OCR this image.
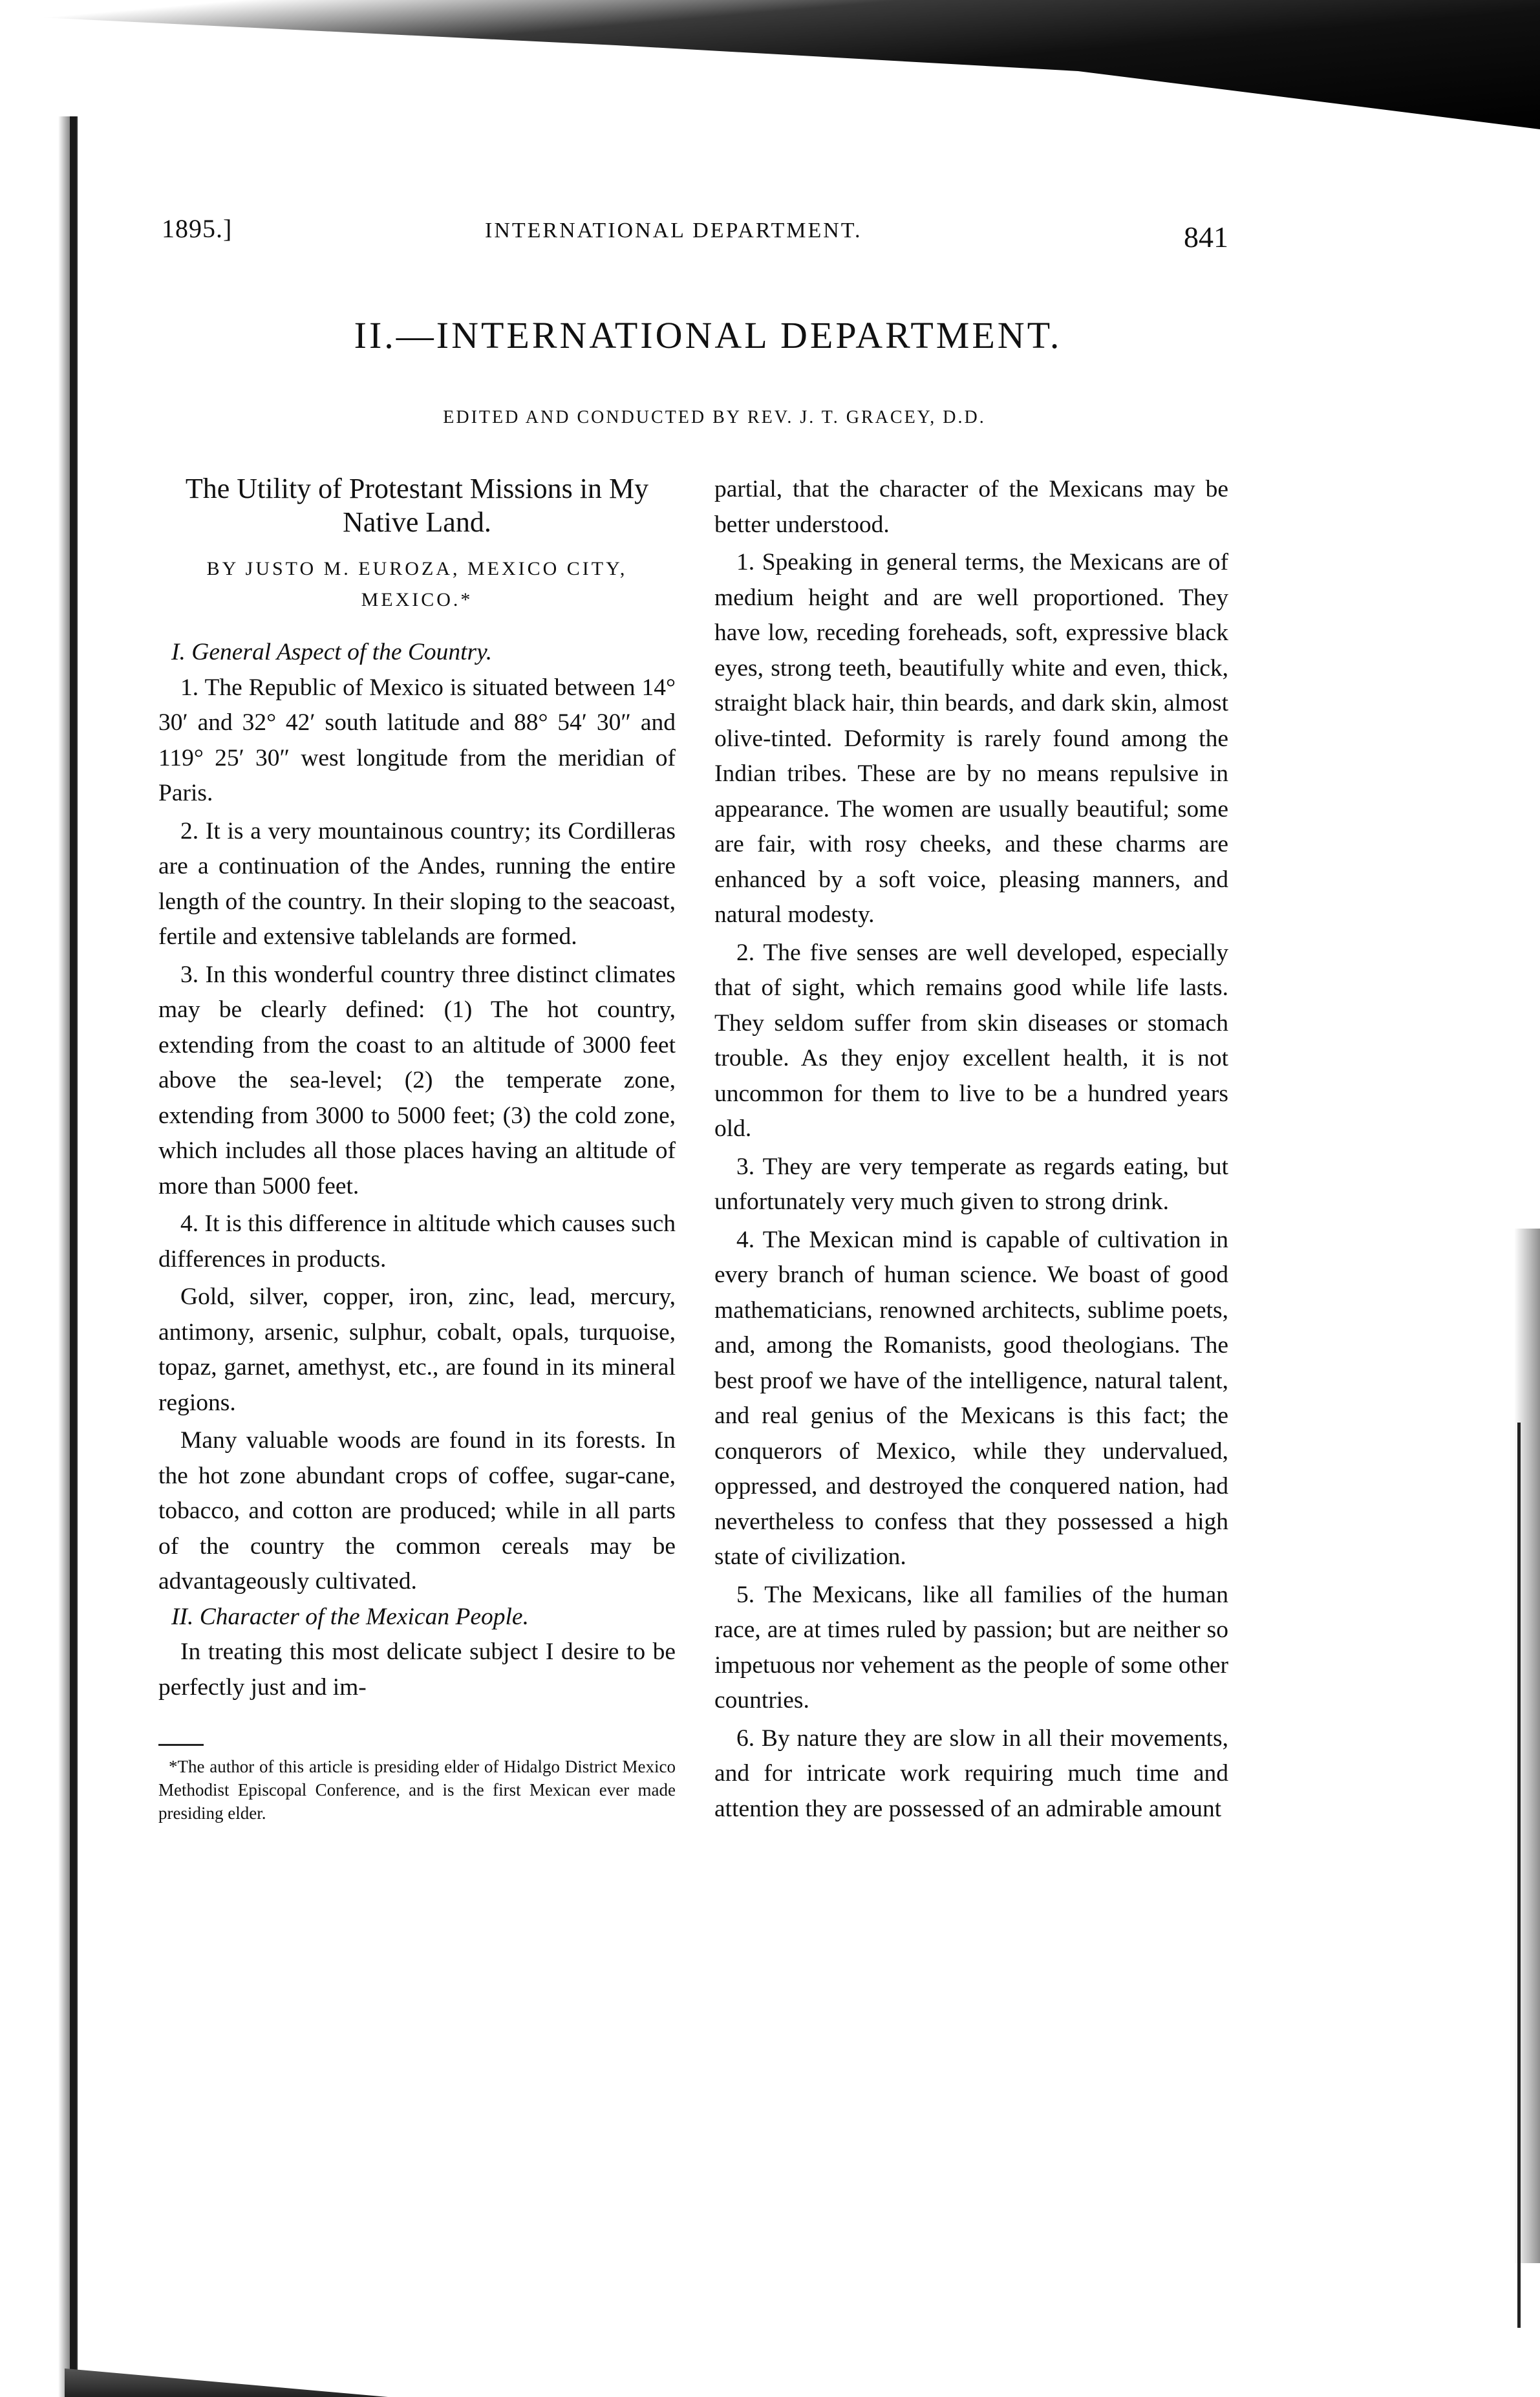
1895.]	INTERNATIONAL DEPARTMENT.	841
II.—INTERNATIONAL DEPARTMENT.
EDITED AND CONDUCTED BY REV. J. T. GRACEY, D.D.
The Utility of Protestant Missions in My Native Land.
BY JUSTO M. EUROZA, MEXICO CITY, MEXICO.*

I. General Aspect of the Country.

1. The Republic of Mexico is situated between 14° 30′ and 32° 42′ south latitude and 88° 54′ 30″ and 119° 25′ 30″ west longitude from the meridian of Paris.

2. It is a very mountainous country; its Cordilleras are a continuation of the Andes, running the entire length of the country. In their sloping to the seacoast, fertile and extensive tablelands are formed.

3. In this wonderful country three distinct climates may be clearly defined: (1) The hot country, extending from the coast to an altitude of 3000 feet above the sea-level; (2) the temperate zone, extending from 3000 to 5000 feet; (3) the cold zone, which includes all those places having an altitude of more than 5000 feet.

4. It is this difference in altitude which causes such differences in products.

Gold, silver, copper, iron, zinc, lead, mercury, antimony, arsenic, sulphur, cobalt, opals, turquoise, topaz, garnet, amethyst, etc., are found in its mineral regions.

Many valuable woods are found in its forests. In the hot zone abundant crops of coffee, sugar-cane, tobacco, and cotton are produced; while in all parts of the country the common cereals may be advantageously cultivated.

II. Character of the Mexican People.

In treating this most delicate subject I desire to be perfectly just and im-

*The author of this article is presiding elder of Hidalgo District Mexico Methodist Episcopal Conference, and is the first Mexican ever made presiding elder.

partial, that the character of the Mexicans may be better understood.

1. Speaking in general terms, the Mexicans are of medium height and are well proportioned. They have low, receding foreheads, soft, expressive black eyes, strong teeth, beautifully white and even, thick, straight black hair, thin beards, and dark skin, almost olive-tinted. Deformity is rarely found among the Indian tribes. These are by no means repulsive in appearance. The women are usually beautiful; some are fair, with rosy cheeks, and these charms are enhanced by a soft voice, pleasing manners, and natural modesty.

2. The five senses are well developed, especially that of sight, which remains good while life lasts. They seldom suffer from skin diseases or stomach trouble. As they enjoy excellent health, it is not uncommon for them to live to be a hundred years old.

3. They are very temperate as regards eating, but unfortunately very much given to strong drink.

4. The Mexican mind is capable of cultivation in every branch of human science. We boast of good mathematicians, renowned architects, sublime poets, and, among the Romanists, good theologians. The best proof we have of the intelligence, natural talent, and real genius of the Mexicans is this fact; the conquerors of Mexico, while they undervalued, oppressed, and destroyed the conquered nation, had nevertheless to confess that they possessed a high state of civilization.

5. The Mexicans, like all families of the human race, are at times ruled by passion; but are neither so impetuous nor vehement as the people of some other countries.

6. By nature they are slow in all their movements, and for intricate work requiring much time and attention they are possessed of an admirable amount
